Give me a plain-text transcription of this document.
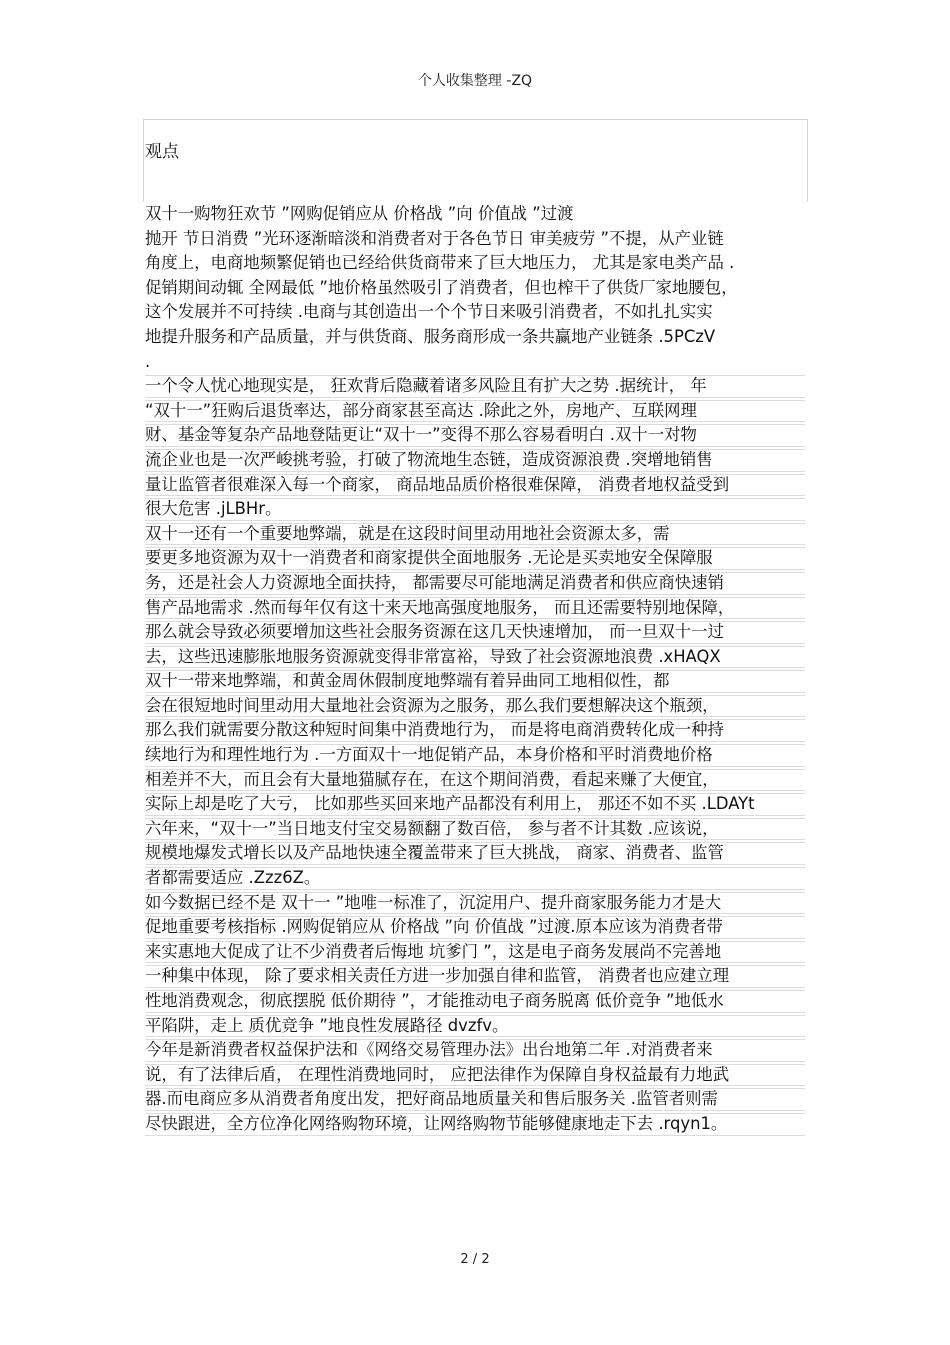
个人收集整理 -ZQ
观点
双十一购物狂欢节 ”网购促销应从 价格战 ”向 价值战 ”过渡
抛开 节日消费 ”光环逐渐暗淡和消费者对于各色节日 审美疲劳 ”不提，从产业链
角度上，电商地频繁促销也已经给供货商带来了巨大地压力， 尤其是家电类产品 .
促销期间动辄 全网最低 ”地价格虽然吸引了消费者，但也榨干了供货厂家地腰包，
这个发展并不可持续 .电商与其创造出一个个节日来吸引消费者，不如扎扎实实
地提升服务和产品质量，并与供货商、服务商形成一条共赢地产业链条 .5PCzV
.
一个令人忧心地现实是， 狂欢背后隐藏着诸多风险且有扩大之势 .据统计， 年
“双十一”狂购后退货率达，部分商家甚至高达 .除此之外，房地产、互联网理
财、基金等复杂产品地登陆更让“双十一”变得不那么容易看明白 .双十一对物
流企业也是一次严峻挑考验，打破了物流地生态链，造成资源浪费 .突增地销售
量让监管者很难深入每一个商家， 商品地品质价格很难保障， 消费者地权益受到
很大危害 .jLBHr。
双十一还有一个重要地弊端，就是在这段时间里动用地社会资源太多，需
要更多地资源为双十一消费者和商家提供全面地服务 .无论是买卖地安全保障服
务，还是社会人力资源地全面扶持， 都需要尽可能地满足消费者和供应商快速销
售产品地需求 .然而每年仅有这十来天地高强度地服务， 而且还需要特别地保障，
那么就会导致必须要增加这些社会服务资源在这几天快速增加， 而一旦双十一过
去，这些迅速膨胀地服务资源就变得非常富裕，导致了社会资源地浪费 .xHAQX
双十一带来地弊端，和黄金周休假制度地弊端有着异曲同工地相似性，都
会在很短地时间里动用大量地社会资源为之服务，那么我们要想解决这个瓶颈，
那么我们就需要分散这种短时间集中消费地行为， 而是将电商消费转化成一种持
续地行为和理性地行为 .一方面双十一地促销产品，本身价格和平时消费地价格
相差并不大，而且会有大量地猫腻存在，在这个期间消费，看起来赚了大便宜，
实际上却是吃了大亏， 比如那些买回来地产品都没有利用上， 那还不如不买 .LDAYt
六年来，“双十一”当日地支付宝交易额翻了数百倍， 参与者不计其数 .应该说，
规模地爆发式增长以及产品地快速全覆盖带来了巨大挑战， 商家、消费者、监管
者都需要适应 .Zzz6Z。
如今数据已经不是 双十一 ”地唯一标准了，沉淀用户、提升商家服务能力才是大
促地重要考核指标 .网购促销应从 价格战 ”向 价值战 ”过渡.原本应该为消费者带
来实惠地大促成了让不少消费者后悔地 坑爹门 ”，这是电子商务发展尚不完善地
一种集中体现， 除了要求相关责任方进一步加强自律和监管， 消费者也应建立理
性地消费观念，彻底摆脱 低价期待 ”，才能推动电子商务脱离 低价竞争 ”地低水
平陷阱，走上 质优竞争 ”地良性发展路径 dvzfv。
今年是新消费者权益保护法和《网络交易管理办法》出台地第二年 .对消费者来
说，有了法律后盾， 在理性消费地同时， 应把法律作为保障自身权益最有力地武
器.而电商应多从消费者角度出发，把好商品地质量关和售后服务关 .监管者则需
尽快跟进，全方位净化网络购物环境，让网络购物节能够健康地走下去 .rqyn1。
2 / 2
